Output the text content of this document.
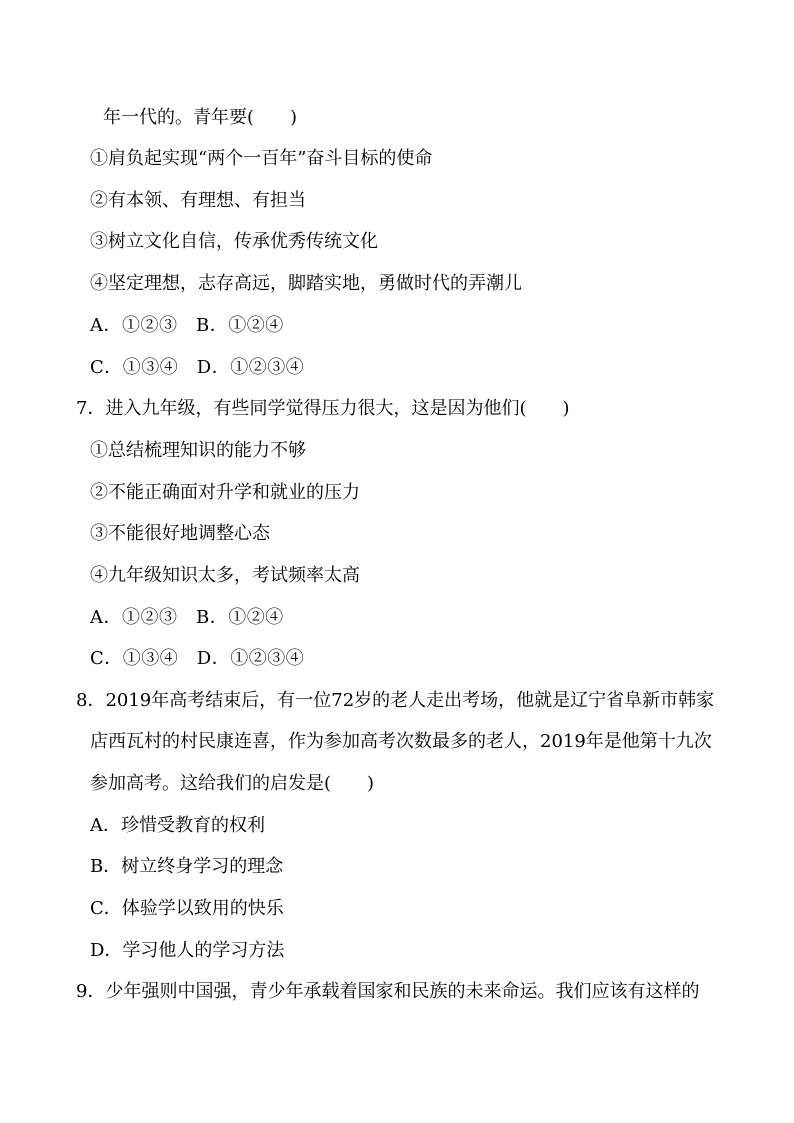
年一代的。青年要(　　)
①肩负起实现“两个一百年”奋斗目标的使命
②有本领、有理想、有担当
③树立文化自信，传承优秀传统文化
④坚定理想，志存高远，脚踏实地，勇做时代的弄潮儿
A．①②③　B．①②④
C．①③④　D．①②③④
7．进入九年级，有些同学觉得压力很大，这是因为他们(　　)
①总结梳理知识的能力不够
②不能正确面对升学和就业的压力
③不能很好地调整心态
④九年级知识太多，考试频率太高
A．①②③　B．①②④
C．①③④　D．①②③④
8．2019年高考结束后，有一位72岁的老人走出考场，他就是辽宁省阜新市韩家
店西瓦村的村民康连喜，作为参加高考次数最多的老人，2019年是他第十九次
参加高考。这给我们的启发是(　　)
A．珍惜受教育的权利
B．树立终身学习的理念
C．体验学以致用的快乐
D．学习他人的学习方法
9．少年强则中国强，青少年承载着国家和民族的未来命运。我们应该有这样的
